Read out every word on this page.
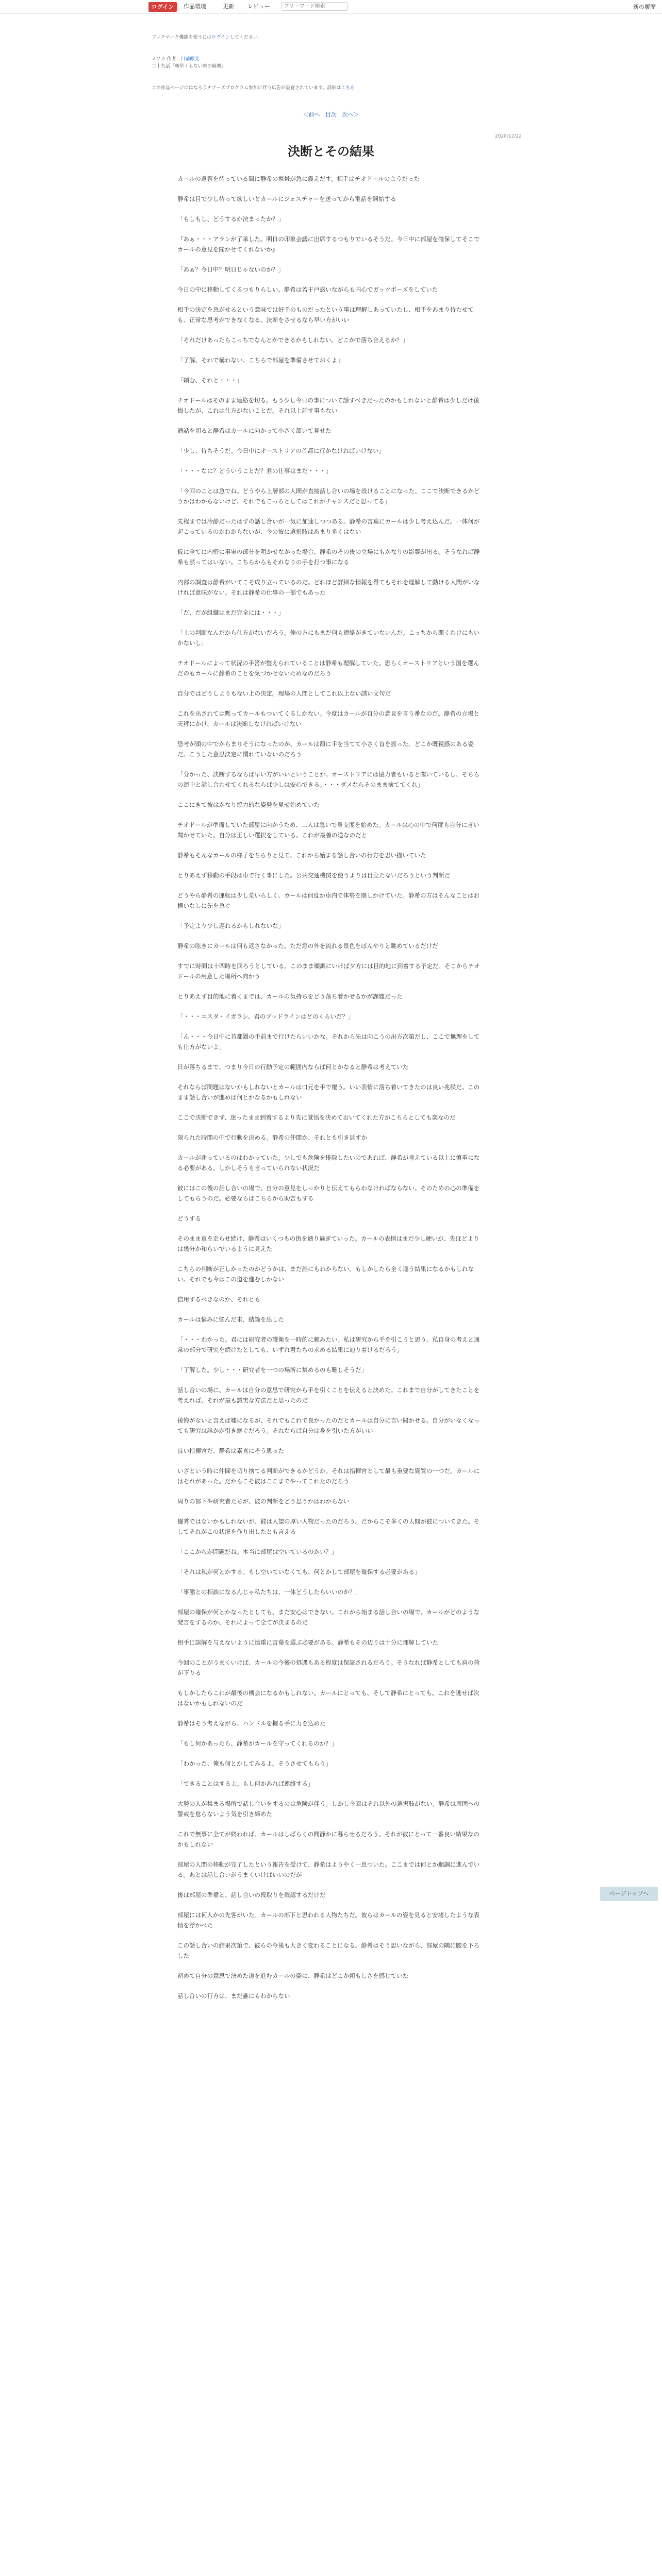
ログイン	作品環境	更新 レビュー
フリーワード検索	新の履歴
ブックマーク機能を使うにはログインしてください。
メソカ 作者：目前眼光
二十九話「朝早くもない晩の崩壊」
この作品ページにはなろうチアーズプログラム参加に伴う広告が設置されています。詳細はこちら
＜前へ 目次 次へ＞
2020/12/22
決断とその結果

カールの返答を待っている間に静希の携帯が急に震えだす。相手はチオドールのようだった

静希は目で少し待って欲しいとカールにジェスチャーを送ってから電話を開始する

「もしもし、どうするか決まったか？」

『あぁ・・・アランが了承した。明日の印象会議に出席するつもりでいるそうだ。今日中に部屋を確保してそこでカールの意見を聞かせてくれないか』

「あぁ？今日中？明日じゃないのか？」

今日の中に移動してくるつもりらしい。静希は若干戸惑いながらも内心でガッツポーズをしていた

相手の決定を急がせるという意味では好手のものだったという事は理解しあっていたし、相手をあまり待たせても、正常な思考ができなくなる。決断をさせるなら早い方がいい

「それだけあったらこっちでなんとかできるかもしれない。どこかで落ち合えるか？」

「了解、それで構わない。こちらで部屋を準備させておくよ」

「頼む、それと・・・」

チオドールはそのまま連絡を切る。もう少し今日の事について話すべきだったのかもしれないと静希は少しだけ後悔したが、これは仕方がないことだ。それ以上話す事もない

通話を切ると静希はカールに向かって小さく頷いて見せた

「少し、待ちそうだ。今日中にオーストリアの首都に行かなければいけない」

「・・・なに？どういうことだ？君の仕事はまだ・・・」

「今回のことは急でね。どうやら上層部の人間が直接話し合いの場を設けることになった。ここで決断できるかどうかはわからないけど、それでもこっちとしてはこれがチャンスだと思ってる」

先程までは冷静だったはずの話し合いが一気に加速しつつある。静希の言葉にカールは少し考え込んだ。一体何が起こっているのかわからないが、今の彼に選択肢はあまり多くはない

仮に全てに内密に事実の部分を明かせなかった場合、静希のその後の立場にもかなりの影響が出る。そうなれば静希も黙ってはいない。こちらからもそれなりの手を打つ事になる

内部の調査は静希がいてこそ成り立っているのだ。どれほど詳細な情報を得てもそれを理解して動ける人間がいなければ意味がない。それは静希の仕事の一部でもあった

「だ、だが組織はまだ完全には・・・」

「上の判断なんだから仕方がないだろう。俺の方にもまだ何も連絡がきていないんだ。こっちから聞くわけにもいかないし」

チオドールによって状況の手筈が整えられていることは静希も理解していた。恐らくオーストリアという国を選んだのもカールに静希のことを気づかせないためなのだろう

自分ではどうしようもない上の決定。現場の人間としてこれ以上ない誘い文句だ

これを出されては黙ってカールもついてくるしかない。今度はカールが自分の意見を言う番なのだ。静希の立場と天秤にかけ、カールは決断しなければいけない

恐考が頭の中でからまりそうになったのか、カールは額に手を当てて小さく首を振った。どこか既視感のある姿だ。こうした意思決定に慣れていないのだろう

「分かった、決断するならば早い方がいいということか。オーストリアには協力者もいると聞いているし、そちらの連中と話し合わせてくれるならば少しは安心できる。・・・ダメならそのまま捨ててくれ」

ここにきて彼はかなり協力的な姿勢を見せ始めていた

チオドールが準備していた部屋に向かうため、二人は急いで身支度を始めた。カールは心の中で何度も自分に言い聞かせていた。自分は正しい選択をしている。これが最善の道なのだと

静希もそんなカールの様子をちらりと見て、これから始まる話し合いの行方を思い描いていた

とりあえず移動の手段は車で行く事にした。公共交通機関を使うよりは目立たないだろうという判断だ

どうやら静希の運転は少し荒いらしく、カールは何度か車内で体勢を崩しかけていた。静希の方はそんなことはお構いなしに先を急ぐ

「予定より少し遅れるかもしれないな」

静希の呟きにカールは何も返さなかった。ただ窓の外を流れる景色をぼんやりと眺めているだけだ

すでに時間は十四時を回ろうとしている。このまま順調にいけば夕方には目的地に到着する予定だ。そこからチオドールの用意した場所へ向かう

とりあえず目的地に着くまでは、カールの気持ちをどう落ち着かせるかが課題だった

「・・・エスタ・イガラシ、君のブッドラインはどのくらいだ？」

「ん・・・今日中に首都圏の手前まで行けたらいいかな。それから先は向こうの出方次第だし、ここで無理をしても仕方がないよ」

日が落ちるまで、つまり今日の行動予定の範囲内ならば何とかなると静希は考えていた

それならば問題はないかもしれないとカールは口元を手で覆う。いい表情に落ち着いてきたのは良い兆候だ。このまま話し合いが進めば何とかなるかもしれない

ここで決断できず、迷ったまま到着するより先に覚悟を決めておいてくれた方がこちらとしても楽なのだ

限られた時間の中で行動を決める。静希の仲間か、それとも引き返すか

カールが迷っているのはわかっていた。少しでも危険を排除したいのであれば、静希が考えている以上に慎重になる必要がある。しかしそうも言っていられない状況だ

彼にはこの後の話し合いの場で、自分の意見をしっかりと伝えてもらわなければならない。そのための心の準備をしてもらうのだ。必要ならばこちらから助言もする

どうする

そのまま車を走らせ続け、静希はいくつもの街を通り過ぎていった。カールの表情はまだ少し硬いが、先ほどよりは幾分か和らいでいるように見えた

こちらの判断が正しかったのかどうかは、まだ誰にもわからない。もしかしたら全く違う結果になるかもしれない。それでも今はこの道を進むしかない

信用するべきなのか、それとも

カールは悩みに悩んだ末、結論を出した

「・・・わかった。君には研究者の護衛を一時的に頼みたい。私は研究から手を引こうと思う。私自身の考えと通常の部分で研究を続けたとしても、いずれ君たちの求める結果に辿り着けるだろう」

「了解した。少し・・・研究者を一つの場所に集めるのも難しそうだ」

話し合いの場に、カールは自分の意思で研究から手を引くことを伝えると決めた。これまで自分がしてきたことを考えれば、それが最も誠実な方法だと思ったのだ

後悔がないと言えば嘘になるが、それでもこれで良かったのだとカールは自分に言い聞かせる。自分がいなくなっても研究は誰かが引き継ぐだろう。それならば自分は身を引いた方がいい

良い指揮官だ、静希は素直にそう思った

いざという時に仲間を切り捨てる判断ができるかどうか。それは指揮官として最も重要な資質の一つだ。カールにはそれがあった。だからこそ彼はここまでやってこれたのだろう

周りの部下や研究者たちが、彼の判断をどう思うかはわからない

優秀ではないかもしれないが、彼は人望の厚い人物だったのだろう。だからこそ多くの人間が彼についてきた。そしてそれがこの状況を作り出したとも言える

「ここからが問題だね。本当に部屋は空いているのかい？」

「それは私が何とかする。もし空いていなくても、何とかして部屋を確保する必要がある」

「事態との相談になるんじゃ私たちは、一体どうしたらいいのか？」

部屋の確保が何とかなったとしても、まだ安心はできない。これから始まる話し合いの場で、カールがどのような発言をするのか、それによって全てが決まるのだ

相手に誤解を与えないように慎重に言葉を選ぶ必要がある。静希もその辺りは十分に理解していた

今回のことがうまくいけば、カールの今後の処遇もある程度は保証されるだろう。そうなれば静希としても肩の荷が下りる

もしかしたらこれが最後の機会になるかもしれない。カールにとっても、そして静希にとっても。これを逃せば次はないかもしれないのだ

静希はそう考えながら、ハンドルを握る手に力を込めた

「もし何かあったら、静希がカールを守ってくれるのか？」

「わかった、俺も何とかしてみるよ。そうさせてもらう」

「できることはするよ。もし何かあれば連絡する」

大勢の人が集まる場所で話し合いをするのは危険が伴う。しかし今回はそれ以外の選択肢がない。静希は周囲への警戒を怠らないよう気を引き締めた

これで無事に全てが終われば、カールはしばらくの間静かに暮らせるだろう。それが彼にとって一番良い結果なのかもしれない

部屋の人間の移動が完了したという報告を受けて、静希はようやく一息ついた。ここまでは何とか順調に進んでいる。あとは話し合いがうまくいけばいいのだが

後は部屋の準備と、話し合いの段取りを確認するだけだ

部屋には何人かの先客がいた。カールの部下と思われる人物たちだ。彼らはカールの姿を見ると安堵したような表情を浮かべた

この話し合いの結果次第で、彼らの今後も大きく変わることになる。静希はそう思いながら、部屋の隅に腰を下ろした

初めて自分の意思で決めた道を進むカールの姿に、静希はどこか頼もしさを感じていた

話し合いの行方は、まだ誰にもわからない

ページトップへ
